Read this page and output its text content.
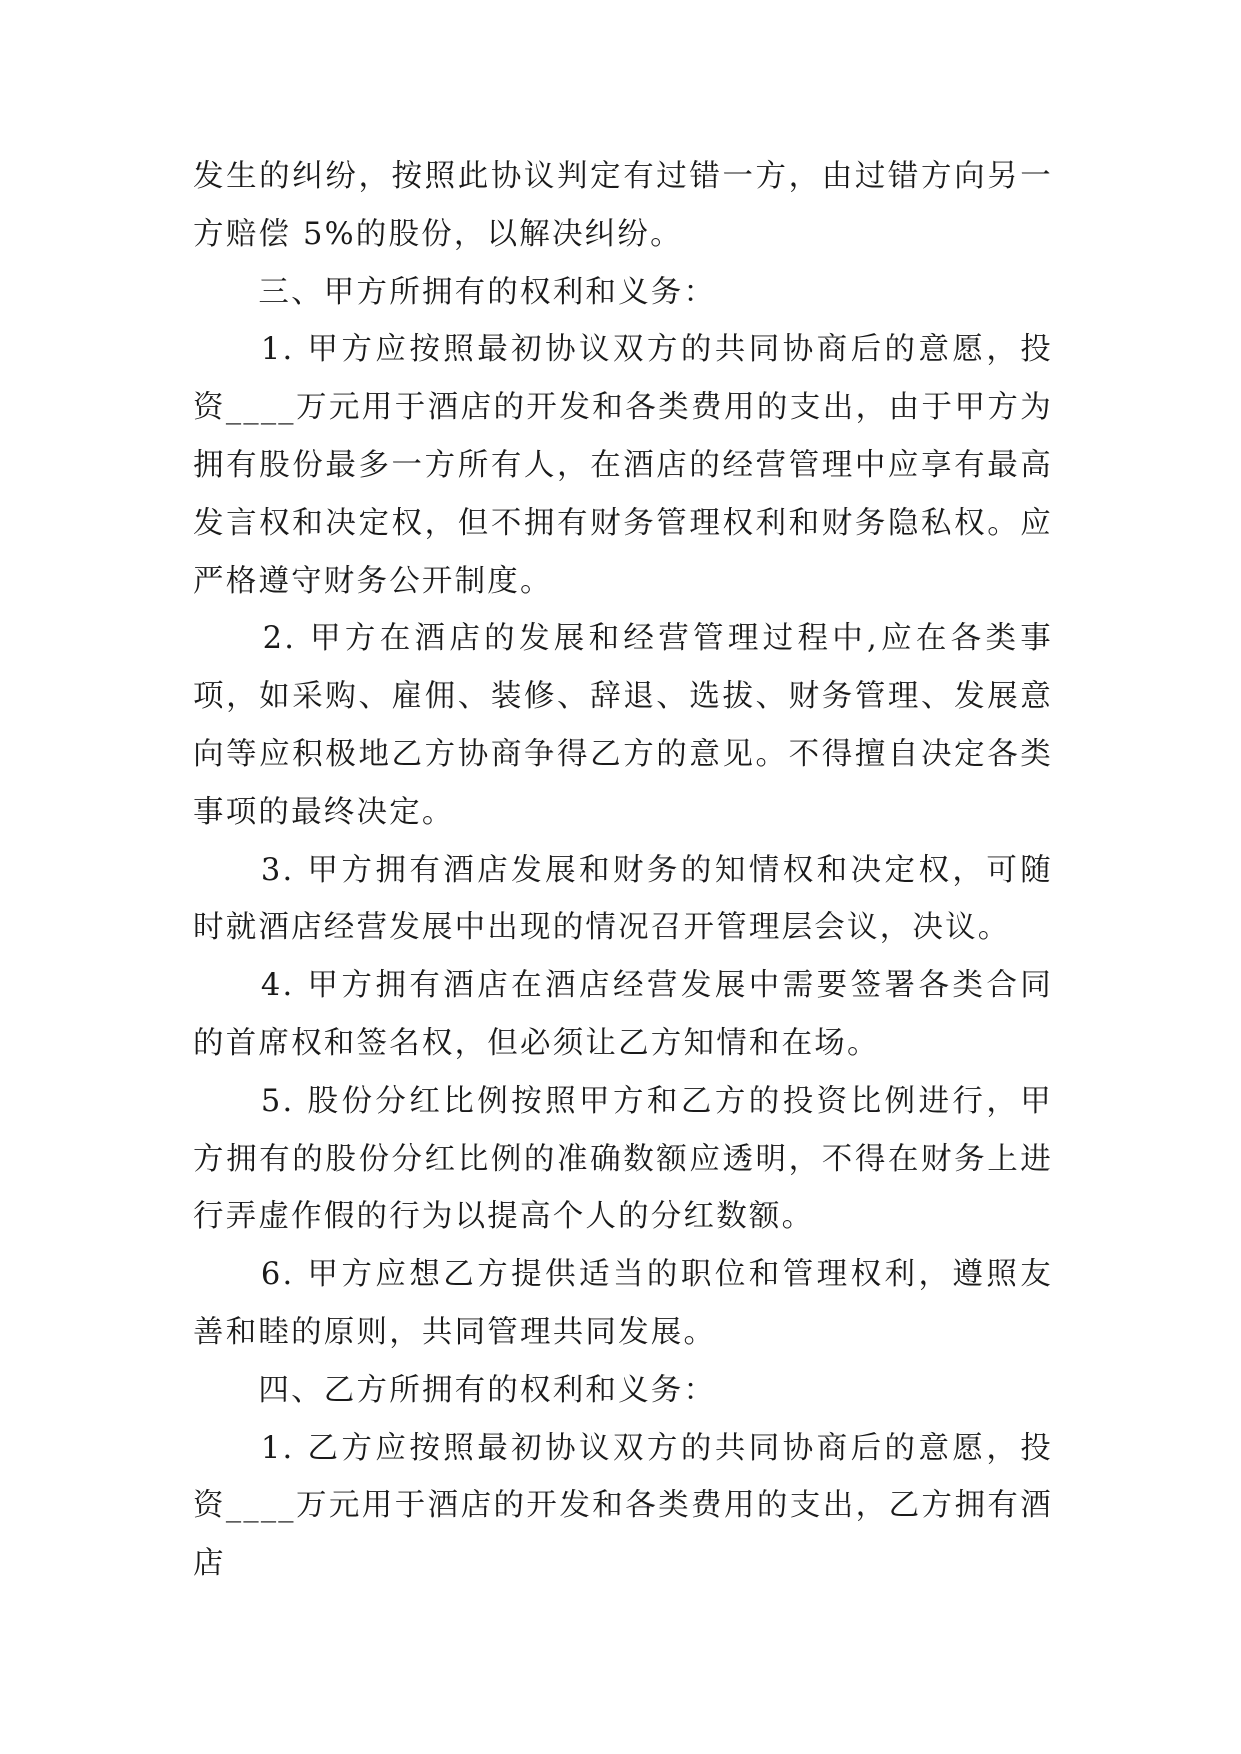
发生的纠纷，按照此协议判定有过错一方，由过错方向另一方赔偿 5%的股份，以解决纠纷。

　　三、甲方所拥有的权利和义务：

　　1. 甲方应按照最初协议双方的共同协商后的意愿，投资____万元用于酒店的开发和各类费用的支出，由于甲方为拥有股份最多一方所有人，在酒店的经营管理中应享有最高发言权和决定权，但不拥有财务管理权利和财务隐私权。应严格遵守财务公开制度。

　　2. 甲方在酒店的发展和经营管理过程中,应在各类事项，如采购、雇佣、装修、辞退、选拔、财务管理、发展意向等应积极地乙方协商争得乙方的意见。不得擅自决定各类事项的最终决定。

　　3. 甲方拥有酒店发展和财务的知情权和决定权，可随时就酒店经营发展中出现的情况召开管理层会议，决议。

　　4. 甲方拥有酒店在酒店经营发展中需要签署各类合同的首席权和签名权，但必须让乙方知情和在场。

　　5. 股份分红比例按照甲方和乙方的投资比例进行，甲方拥有的股份分红比例的准确数额应透明，不得在财务上进行弄虚作假的行为以提高个人的分红数额。

　　6. 甲方应想乙方提供适当的职位和管理权利，遵照友善和睦的原则，共同管理共同发展。

　　四、乙方所拥有的权利和义务：

　　1. 乙方应按照最初协议双方的共同协商后的意愿，投资____万元用于酒店的开发和各类费用的支出，乙方拥有酒店
